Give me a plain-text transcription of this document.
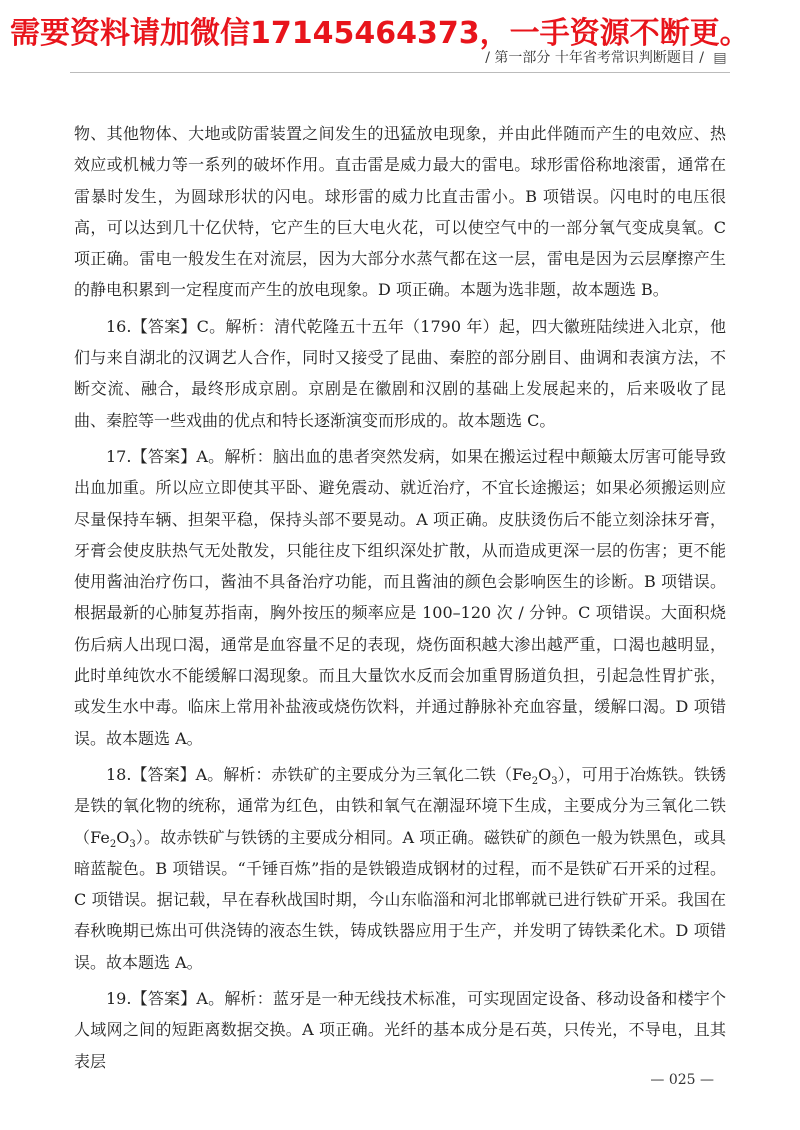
需要资料请加微信17145464373，一手资源不断更。
/ 第一部分 十年省考常识判断题目 / ▤

物、其他物体、大地或防雷装置之间发生的迅猛放电现象，并由此伴随而产生的电效应、热效应或机械力等一系列的破坏作用。直击雷是威力最大的雷电。球形雷俗称地滚雷，通常在雷暴时发生，为圆球形状的闪电。球形雷的威力比直击雷小。B 项错误。闪电时的电压很高，可以达到几十亿伏特，它产生的巨大电火花，可以使空气中的一部分氧气变成臭氧。C 项正确。雷电一般发生在对流层，因为大部分水蒸气都在这一层，雷电是因为云层摩擦产生的静电积累到一定程度而产生的放电现象。D 项正确。本题为选非题，故本题选 B。

16.【答案】C。解析：清代乾隆五十五年（1790 年）起，四大徽班陆续进入北京，他们与来自湖北的汉调艺人合作，同时又接受了昆曲、秦腔的部分剧目、曲调和表演方法，不断交流、融合，最终形成京剧。京剧是在徽剧和汉剧的基础上发展起来的，后来吸收了昆曲、秦腔等一些戏曲的优点和特长逐渐演变而形成的。故本题选 C。

17.【答案】A。解析：脑出血的患者突然发病，如果在搬运过程中颠簸太厉害可能导致出血加重。所以应立即使其平卧、避免震动、就近治疗，不宜长途搬运；如果必须搬运则应尽量保持车辆、担架平稳，保持头部不要晃动。A 项正确。皮肤烫伤后不能立刻涂抹牙膏，牙膏会使皮肤热气无处散发，只能往皮下组织深处扩散，从而造成更深一层的伤害；更不能使用酱油治疗伤口，酱油不具备治疗功能，而且酱油的颜色会影响医生的诊断。B 项错误。根据最新的心肺复苏指南，胸外按压的频率应是 100–120 次 / 分钟。C 项错误。大面积烧伤后病人出现口渴，通常是血容量不足的表现，烧伤面积越大渗出越严重，口渴也越明显，此时单纯饮水不能缓解口渴现象。而且大量饮水反而会加重胃肠道负担，引起急性胃扩张，或发生水中毒。临床上常用补盐液或烧伤饮料，并通过静脉补充血容量，缓解口渴。D 项错误。故本题选 A。

18.【答案】A。解析：赤铁矿的主要成分为三氧化二铁$(Fe_2O_3)$，可用于冶炼铁。铁锈是铁的氧化物的统称，通常为红色，由铁和氧气在潮湿环境下生成，主要成分为三氧化二铁$(Fe_2O_3)$。故赤铁矿与铁锈的主要成分相同。A 项正确。磁铁矿的颜色一般为铁黑色，或具暗蓝靛色。B 项错误。“千锤百炼”指的是铁锻造成钢材的过程，而不是铁矿石开采的过程。C 项错误。据记载，早在春秋战国时期，今山东临淄和河北邯郸就已进行铁矿开采。我国在春秋晚期已炼出可供浇铸的液态生铁，铸成铁器应用于生产，并发明了铸铁柔化术。D 项错误。故本题选 A。

19.【答案】A。解析：蓝牙是一种无线技术标准，可实现固定设备、移动设备和楼宇个人域网之间的短距离数据交换。A 项正确。光纤的基本成分是石英，只传光，不导电，且其表层

— 025 —
